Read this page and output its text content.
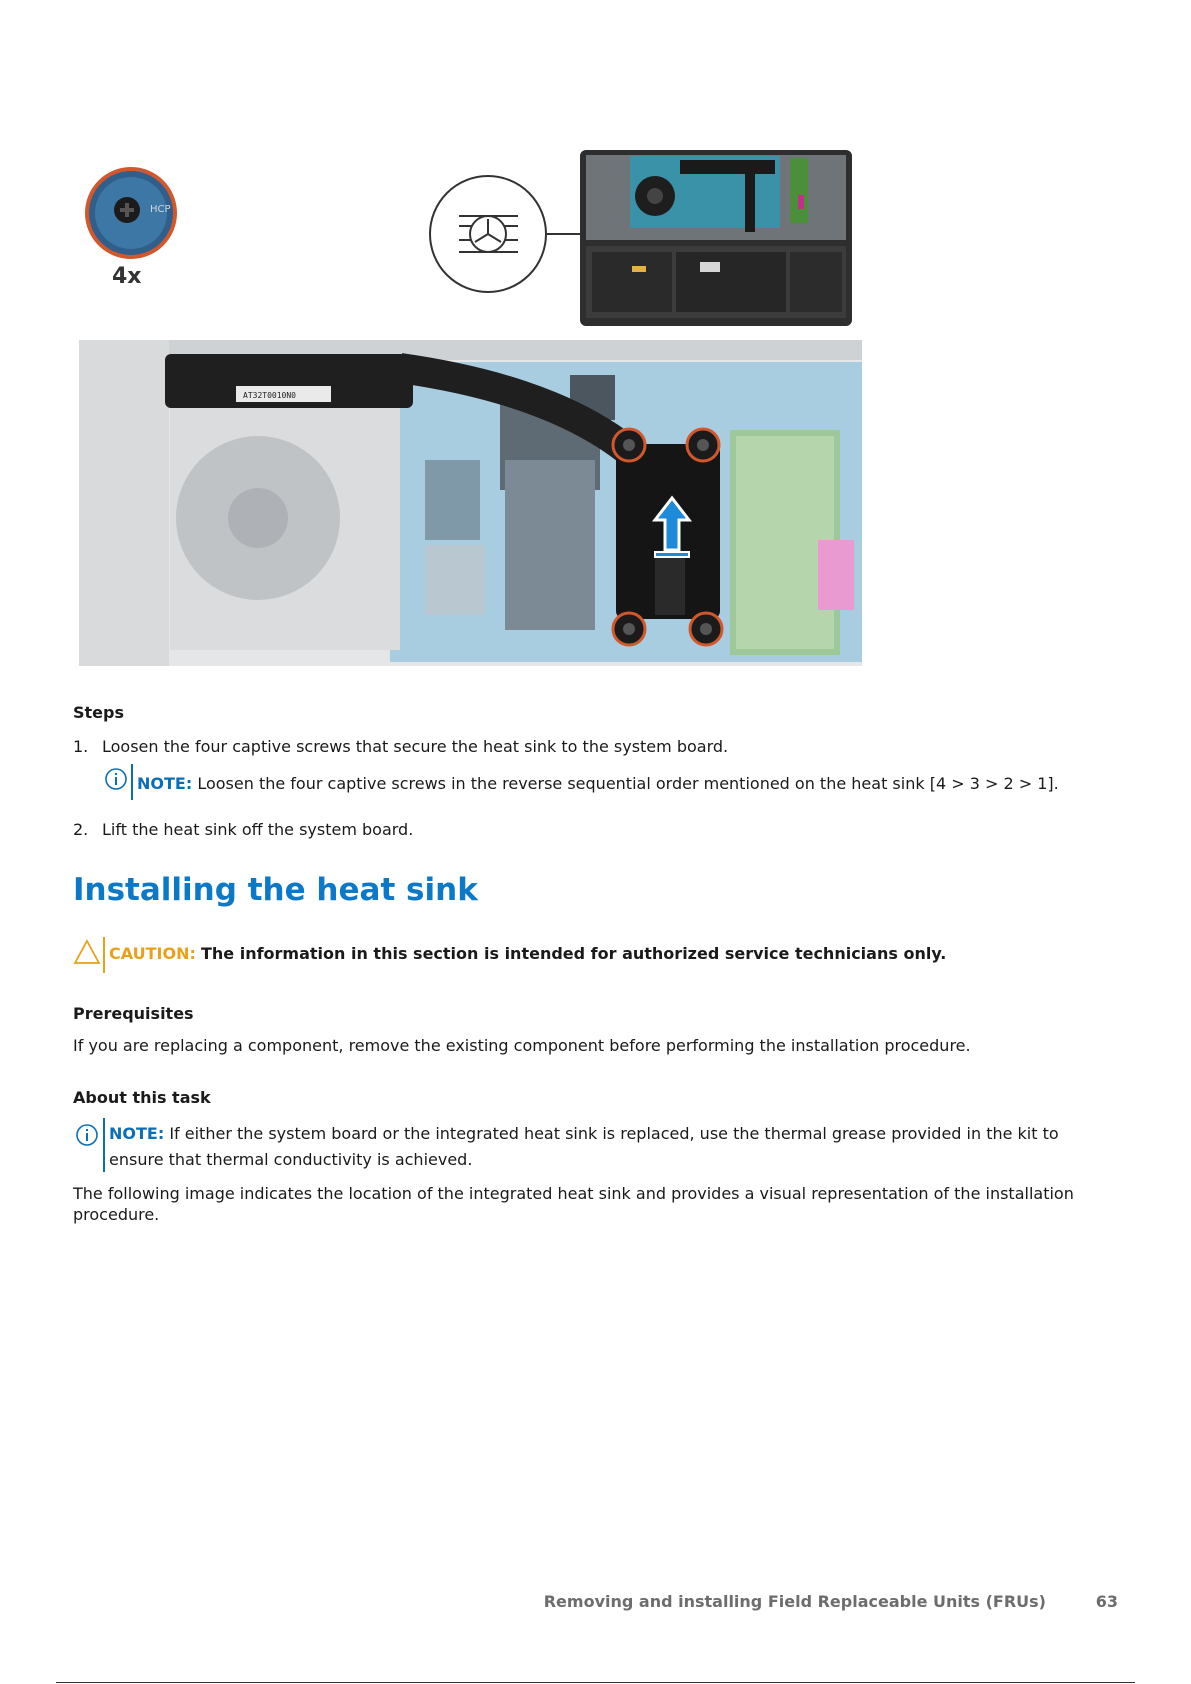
HCP
4x
AT32T0010N0
Steps
1. Loosen the four captive screws that secure the heat sink to the system board.
NOTE: Loosen the four captive screws in the reverse sequential order mentioned on the heat sink [4 > 3 > 2 > 1].
2. Lift the heat sink off the system board.
Installing the heat sink
CAUTION: The information in this section is intended for authorized service technicians only.
Prerequisites
If you are replacing a component, remove the existing component before performing the installation procedure.
About this task
NOTE: If either the system board or the integrated heat sink is replaced, use the thermal grease provided in the kit to
ensure that thermal conductivity is achieved.
The following image indicates the location of the integrated heat sink and provides a visual representation of the installation
procedure.
Removing and installing Field Replaceable Units (FRUs)	63
